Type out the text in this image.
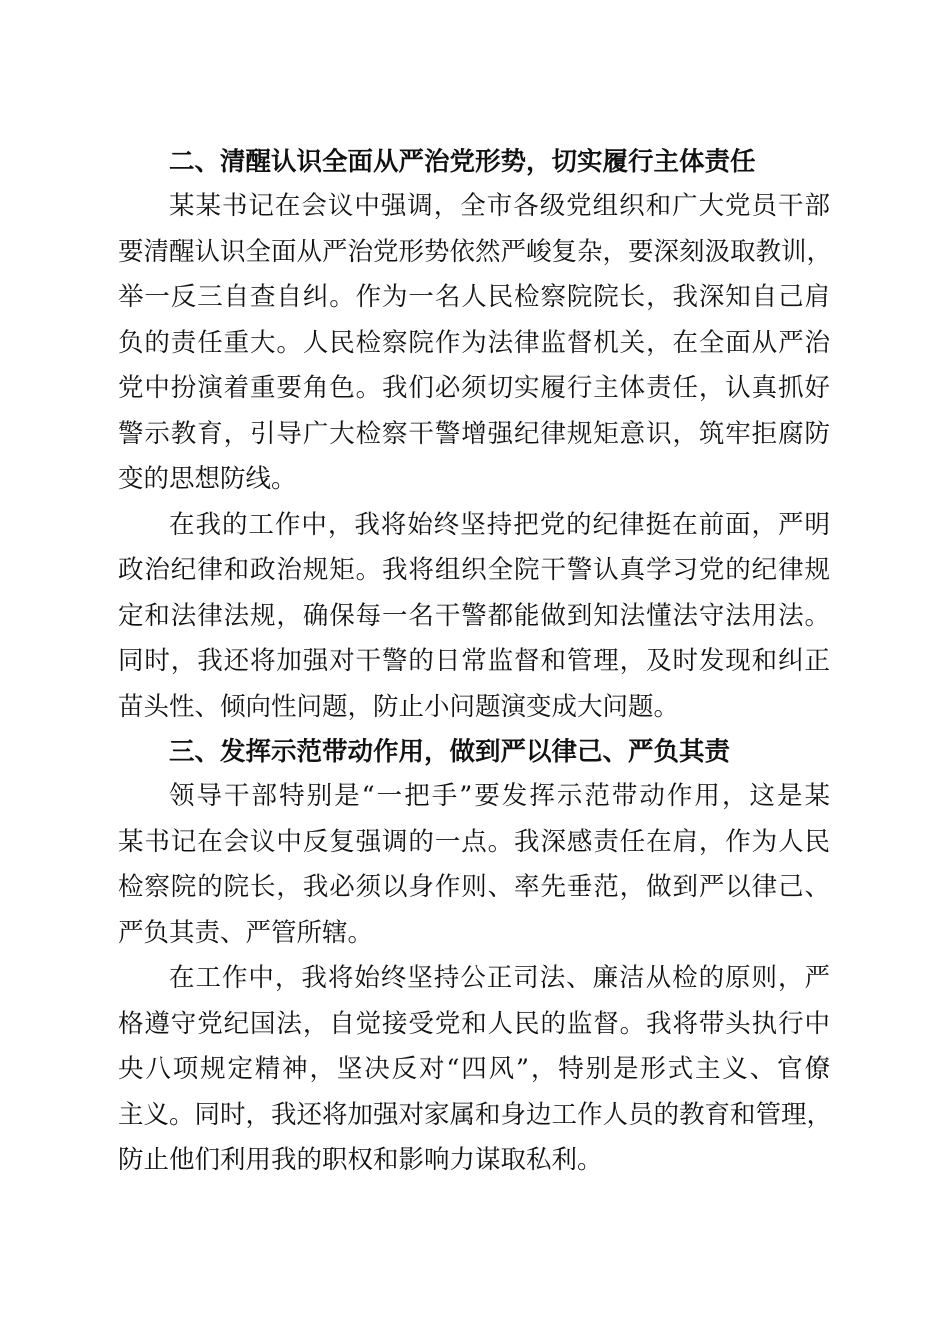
二、清醒认识全面从严治党形势，切实履行主体责任
某某书记在会议中强调，全市各级党组织和广大党员干部
要清醒认识全面从严治党形势依然严峻复杂，要深刻汲取教训，
举一反三自查自纠。作为一名人民检察院院长，我深知自己肩
负的责任重大。人民检察院作为法律监督机关，在全面从严治
党中扮演着重要角色。我们必须切实履行主体责任，认真抓好
警示教育，引导广大检察干警增强纪律规矩意识，筑牢拒腐防
变的思想防线。
在我的工作中，我将始终坚持把党的纪律挺在前面，严明
政治纪律和政治规矩。我将组织全院干警认真学习党的纪律规
定和法律法规，确保每一名干警都能做到知法懂法守法用法。
同时，我还将加强对干警的日常监督和管理，及时发现和纠正
苗头性、倾向性问题，防止小问题演变成大问题。
三、发挥示范带动作用，做到严以律己、严负其责
领导干部特别是“一把手”要发挥示范带动作用，这是某
某书记在会议中反复强调的一点。我深感责任在肩，作为人民
检察院的院长，我必须以身作则、率先垂范，做到严以律己、
严负其责、严管所辖。
在工作中，我将始终坚持公正司法、廉洁从检的原则，严
格遵守党纪国法，自觉接受党和人民的监督。我将带头执行中
央八项规定精神，坚决反对“四风”，特别是形式主义、官僚
主义。同时，我还将加强对家属和身边工作人员的教育和管理，
防止他们利用我的职权和影响力谋取私利。
